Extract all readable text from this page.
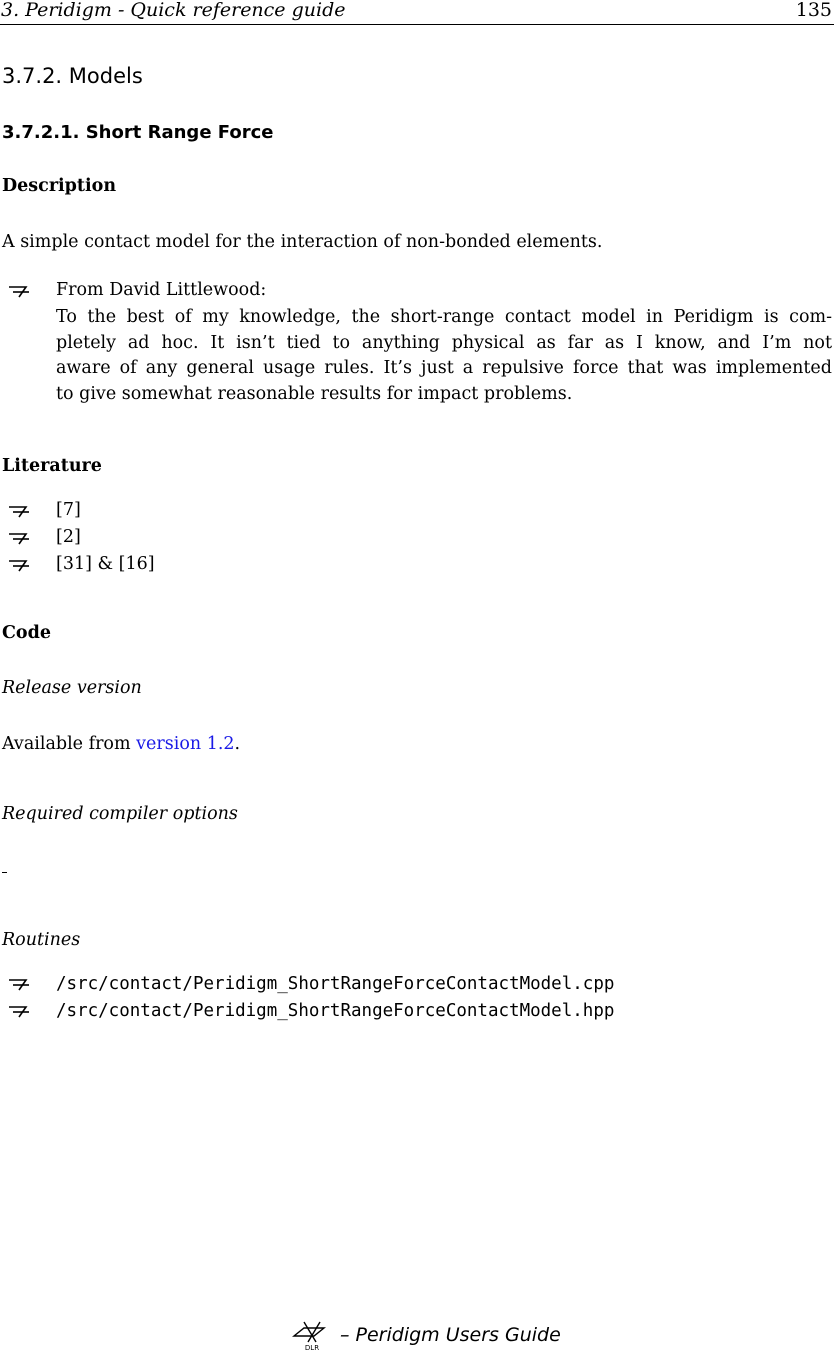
3. Peridigm - Quick reference guide	135
3.7.2. Models
3.7.2.1. Short Range Force
Description
A simple contact model for the interaction of non-bonded elements.
From David Littlewood:
To the best of my knowledge, the short-range contact model in Peridigm is com-
pletely ad hoc. It isn’t tied to anything physical as far as I know, and I’m not
aware of any general usage rules. It’s just a repulsive force that was implemented
to give somewhat reasonable results for impact problems.
Literature
[7]
[2]
[31] & [16]
Code
Release version
Available from version 1.2.
Required compiler options
Routines
/src/contact/Peridigm_ShortRangeForceContactModel.cpp
/src/contact/Peridigm_ShortRangeForceContactModel.hpp
DLR
– Peridigm Users Guide
